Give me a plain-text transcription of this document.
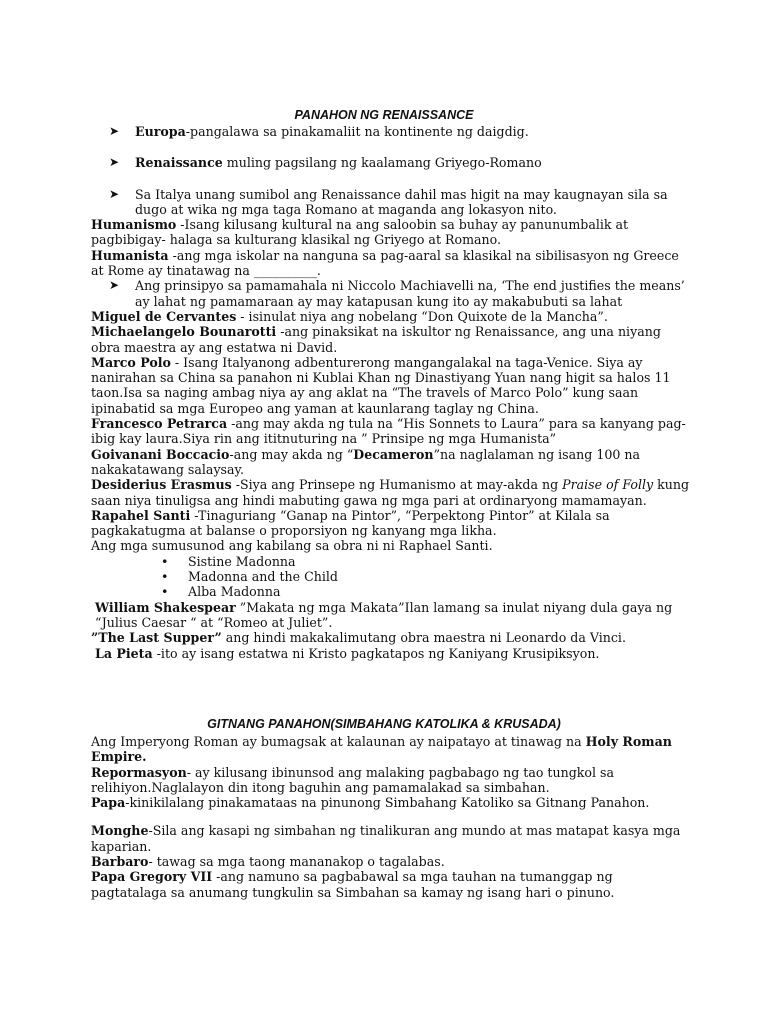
PANAHON NG RENAISSANCE
➤ Europa-pangalawa sa pinakamaliit na kontinente ng daigdig.
➤ Renaissance muling pagsilang ng kaalamang Griyego-Romano
➤ Sa Italya unang sumibol ang Renaissance dahil mas higit na may kaugnayan sila sa dugo at wika ng mga taga Romano at maganda ang lokasyon nito.

Humanismo -Isang kilusang kultural na ang saloobin sa buhay ay panunumbalik at pagbibigay- halaga sa kulturang klasikal ng Griyego at Romano.

Humanista -ang mga iskolar na nanguna sa pag-aaral sa klasikal na sibilisasyon ng Greece at Rome ay tinatawag na __________.

➤ Ang prinsipyo sa pamamahala ni Niccolo Machiavelli na, ‘The end justifies the means’ ay lahat ng pamamaraan ay may katapusan kung ito ay makabubuti sa lahat

Miguel de Cervantes - isinulat niya ang nobelang “Don Quixote de la Mancha”.

Michaelangelo Bounarotti -ang pinaksikat na iskultor ng Renaissance, ang una niyang obra maestra ay ang estatwa ni David.

Marco Polo - Isang Italyanong adbenturerong mangangalakal na taga-Venice. Siya ay nanirahan sa China sa panahon ni Kublai Khan ng Dinastiyang Yuan nang higit sa halos 11 taon.Isa sa naging ambag niya ay ang aklat na “The travels of Marco Polo” kung saan ipinabatid sa mga Europeo ang yaman at kaunlarang taglay ng China.

Francesco Petrarca -ang may akda ng tula na “His Sonnets to Laura” para sa kanyang pag-ibig kay laura.Siya rin ang ititnuturing na ” Prinsipe ng mga Humanista”

Goivanani Boccacio-ang may akda ng “Decameron”na naglalaman ng isang 100 na nakakatawang salaysay.

Desiderius Erasmus -Siya ang Prinsepe ng Humanismo at may-akda ng Praise of Folly kung saan niya tinuligsa ang hindi mabuting gawa ng mga pari at ordinaryong mamamayan.

Rapahel Santi -Tinaguriang “Ganap na Pintor”, “Perpektong Pintor” at Kilala sa pagkakatugma at balanse o proporsiyon ng kanyang mga likha.

Ang mga sumusunod ang kabilang sa obra ni ni Raphael Santi.

• Sistine Madonna
• Madonna and the Child
• Alba Madonna

William Shakespear ”Makata ng mga Makata”Ilan lamang sa inulat niyang dula gaya ng “Julius Caesar “ at “Romeo at Juliet”.

”The Last Supper” ang hindi makakalimutang obra maestra ni Leonardo da Vinci.

La Pieta -ito ay isang estatwa ni Kristo pagkatapos ng Kaniyang Krusipiksyon.

GITNANG PANAHON(SIMBAHANG KATOLIKA & KRUSADA)

Ang Imperyong Roman ay bumagsak at kalaunan ay naipatayo at tinawag na Holy Roman Empire.

Repormasyon- ay kilusang ibinunsod ang malaking pagbabago ng tao tungkol sa relihiyon.Naglalayon din itong baguhin ang pamamalakad sa simbahan.

Papa-kinikilalang pinakamataas na pinunong Simbahang Katoliko sa Gitnang Panahon.

Monghe-Sila ang kasapi ng simbahan ng tinalikuran ang mundo at mas matapat kasya mga kaparian.

Barbaro- tawag sa mga taong mananakop o tagalabas.

Papa Gregory VII -ang namuno sa pagbabawal sa mga tauhan na tumanggap ng pagtatalaga sa anumang tungkulin sa Simbahan sa kamay ng isang hari o pinuno.
